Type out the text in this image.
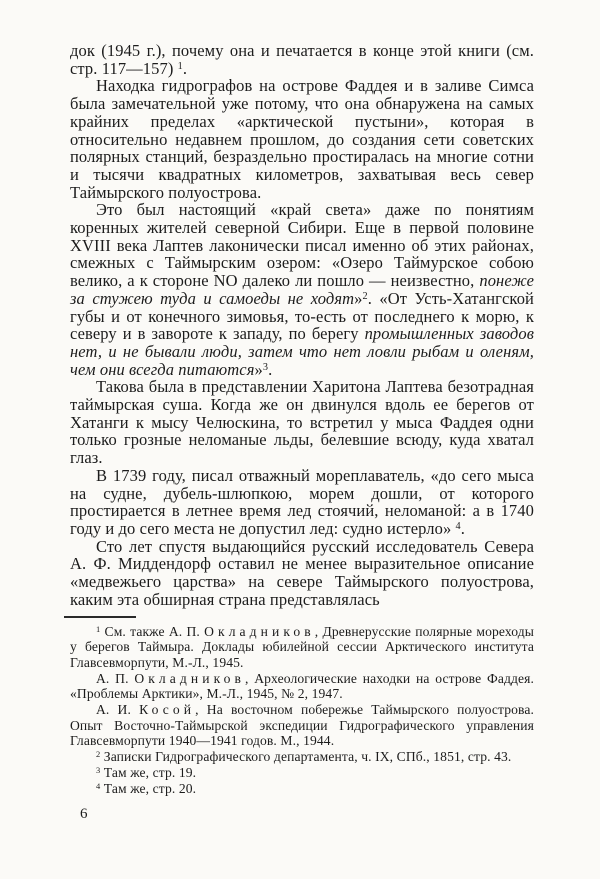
док (1945 г.), почему она и печатается в конце этой книги (см. стр. 117—157) $^1$.

Находка гидрографов на острове Фаддея и в заливе Симса была замечательной уже потому, что она обнаружена на самых крайних пределах «арктической пустыни», которая в относительно недавнем прошлом, до создания сети советских полярных станций, безраздельно простиралась на многие сотни и тысячи квадратных километров, захватывая весь север Таймырского полуострова.

Это был настоящий «край света» даже по понятиям коренных жителей северной Сибири. Еще в первой половине XVIII века Лаптев лаконически писал именно об этих районах, смежных с Таймырским озером: «Озеро Таймурское собою велико, а к стороне NO далеко ли пошло — неизвестно, понеже за стужею туда и самоеды не ходят»$^2$. «От Усть-Хатангской губы и от конечного зимовья, то-есть от последнего к морю, к северу и в завороте к западу, по берегу промышленных заводов нет, и не бывали люди, затем что нет ловли рыбам и оленям, чем они всегда питаются»$^3$.

Такова была в представлении Харитона Лаптева безотрадная таймырская суша. Когда же он двинулся вдоль ее берегов от Хатанги к мысу Челюскина, то встретил у мыса Фаддея одни только грозные неломаные льды, белевшие всюду, куда хватал глаз.

В 1739 году, писал отважный мореплаватель, «до сего мыса на судне, дубель-шлюпкою, морем дошли, от которого простирается в летнее время лед стоячий, неломаной: а в 1740 году и до сего места не допустил лед: судно истерло» $^4$.

Сто лет спустя выдающийся русский исследователь Севера А. Ф. Миддендорф оставил не менее выразительное описание «медвежьего царства» на севере Таймырского полуострова, каким эта обширная страна представлялась

$^1$ См. также А. П. Окладников, Древнерусские полярные мореходы у берегов Таймыра. Доклады юбилейной сессии Арктического института Главсевморпути, М.-Л., 1945.

А. П. Окладников, Археологические находки на острове Фаддея. «Проблемы Арктики», М.-Л., 1945, № 2, 1947.

А. И. Косой, На восточном побережье Таймырского полуострова. Опыт Восточно-Таймырской экспедиции Гидрографического управления Главсевморпути 1940—1941 годов. М., 1944.

$^2$ Записки Гидрографического департамента, ч. IX, СПб., 1851, стр. 43.

$^3$ Там же, стр. 19.

$^4$ Там же, стр. 20.

6
